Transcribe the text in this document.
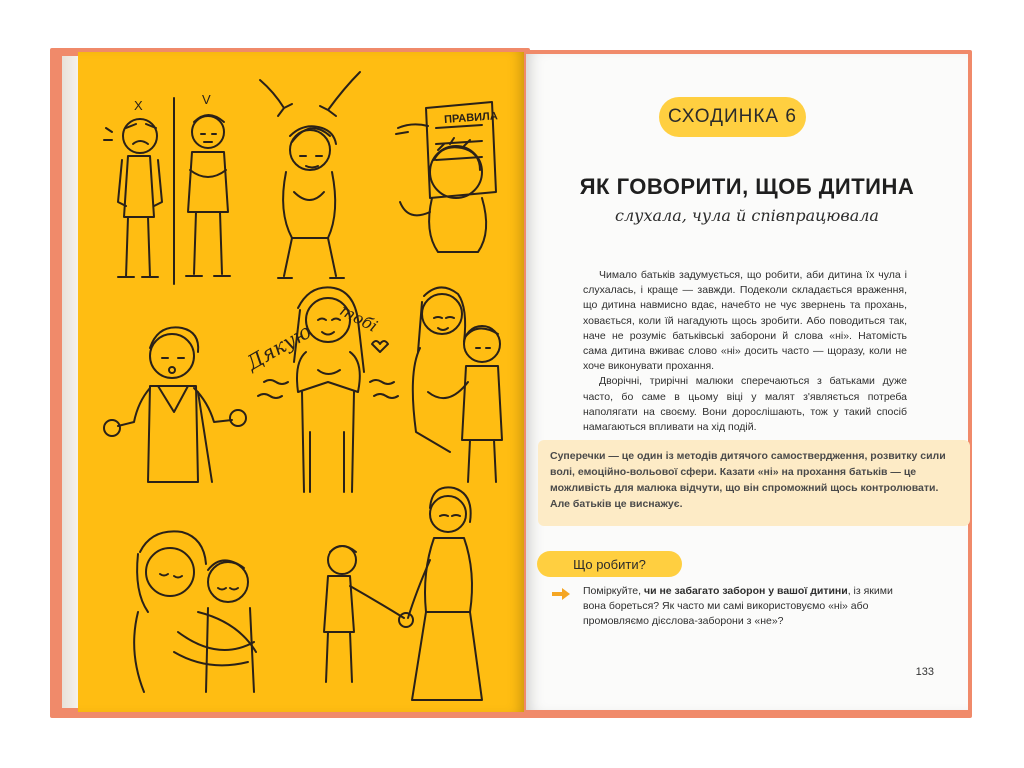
ПРАВИЛА
Х	V
Дякую
тобі
СХОДИНКА 6
ЯК ГОВОРИТИ, ЩОБ ДИТИНА
слухала, чула й співпрацювала

Чимало батьків задумується, що робити, аби дитина їх чула і слухалась, і краще — завжди. Подеколи складається враження, що дитина навмисно вдає, начебто не чує звернень та прохань, ховається, коли їй нагадують щось зробити. Або поводиться так, наче не розуміє батьківські заборони й слова «ні». Натомість сама дитина вживає слово «ні» досить часто — щоразу, коли не хоче виконувати прохання.

Дворічні, трирічні малюки сперечаються з батьками дуже часто, бо саме в цьому віці у малят з'являється потреба наполягати на своєму. Вони дорослішають, тож у такий спосіб намагаються впливати на хід подій.

Суперечки — це один із методів дитячого самоствердження, розвитку сили волі, емоційно-вольової сфери. Казати «ні» на прохання батьків — це можливість для малюка відчути, що він спроможний щось контролювати. Але батьків це виснажує.
Що робити?
Поміркуйте, чи не забагато заборон у вашої дитини, із якими вона бореться? Як часто ми самі використовуємо «ні» або промовляємо дієслова-заборони з «не»?
133
